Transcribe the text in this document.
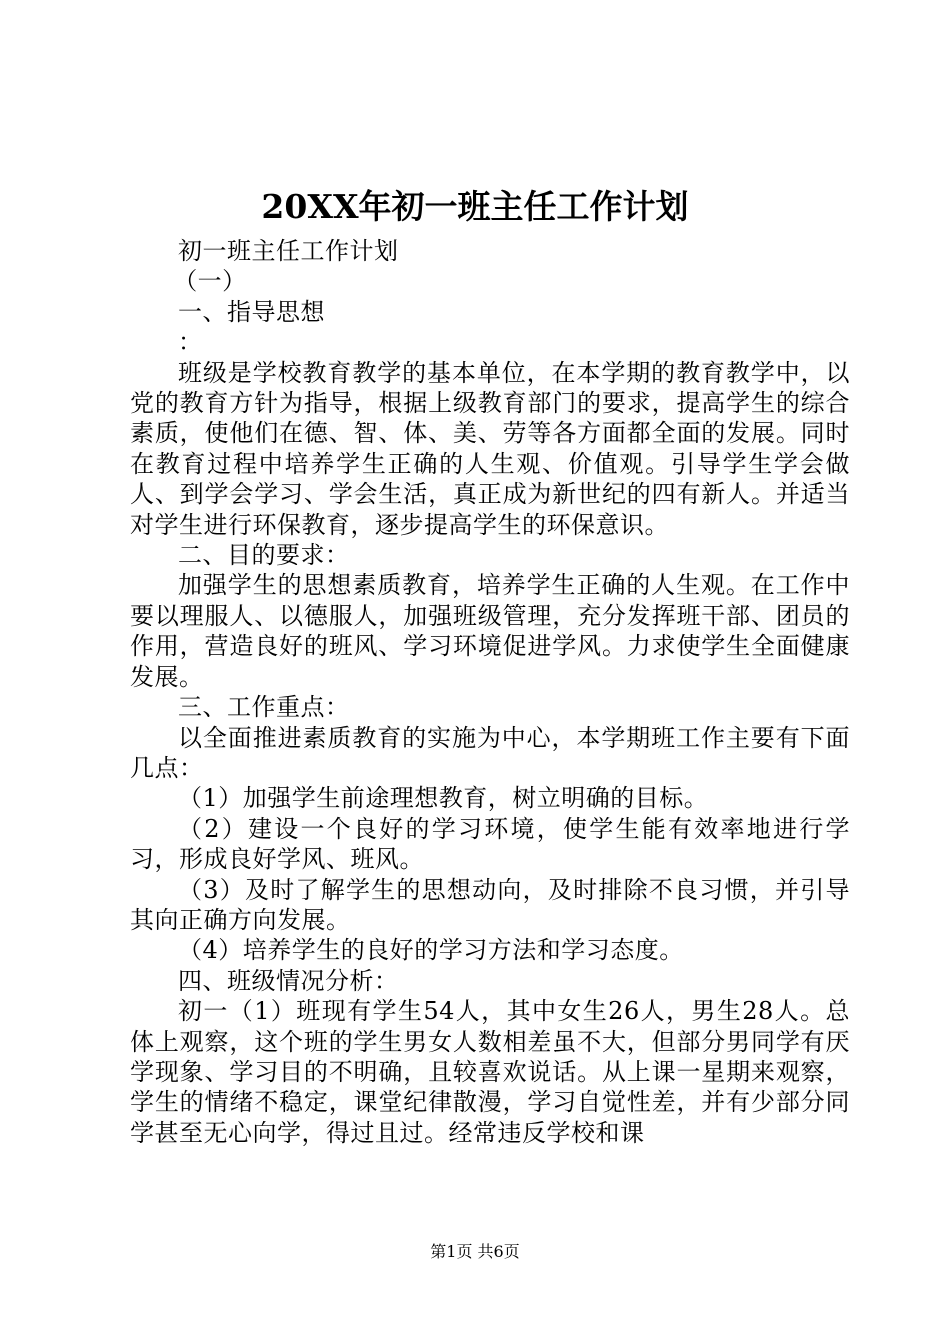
20XX年初一班主任工作计划

初一班主任工作计划

（一）

一、指导思想

：

班级是学校教育教学的基本单位，在本学期的教育教学中，以党的教育方针为指导，根据上级教育部门的要求，提高学生的综合素质，使他们在德、智、体、美、劳等各方面都全面的发展。同时在教育过程中培养学生正确的人生观、价值观。引导学生学会做人、到学会学习、学会生活，真正成为新世纪的四有新人。并适当对学生进行环保教育，逐步提高学生的环保意识。

二、目的要求：

加强学生的思想素质教育，培养学生正确的人生观。在工作中要以理服人、以德服人，加强班级管理，充分发挥班干部、团员的作用，营造良好的班风、学习环境促进学风。力求使学生全面健康发展。

三、工作重点：

以全面推进素质教育的实施为中心，本学期班工作主要有下面几点：

（1）加强学生前途理想教育，树立明确的目标。

（2）建设一个良好的学习环境，使学生能有效率地进行学习，形成良好学风、班风。

（3）及时了解学生的思想动向，及时排除不良习惯，并引导其向正确方向发展。

（4）培养学生的良好的学习方法和学习态度。

四、班级情况分析：

初一（1）班现有学生54人，其中女生26人，男生28人。总体上观察，这个班的学生男女人数相差虽不大，但部分男同学有厌学现象、学习目的不明确，且较喜欢说话。从上课一星期来观察，学生的情绪不稳定，课堂纪律散漫，学习自觉性差，并有少部分同学甚至无心向学，得过且过。经常违反学校和课

第1页 共6页
